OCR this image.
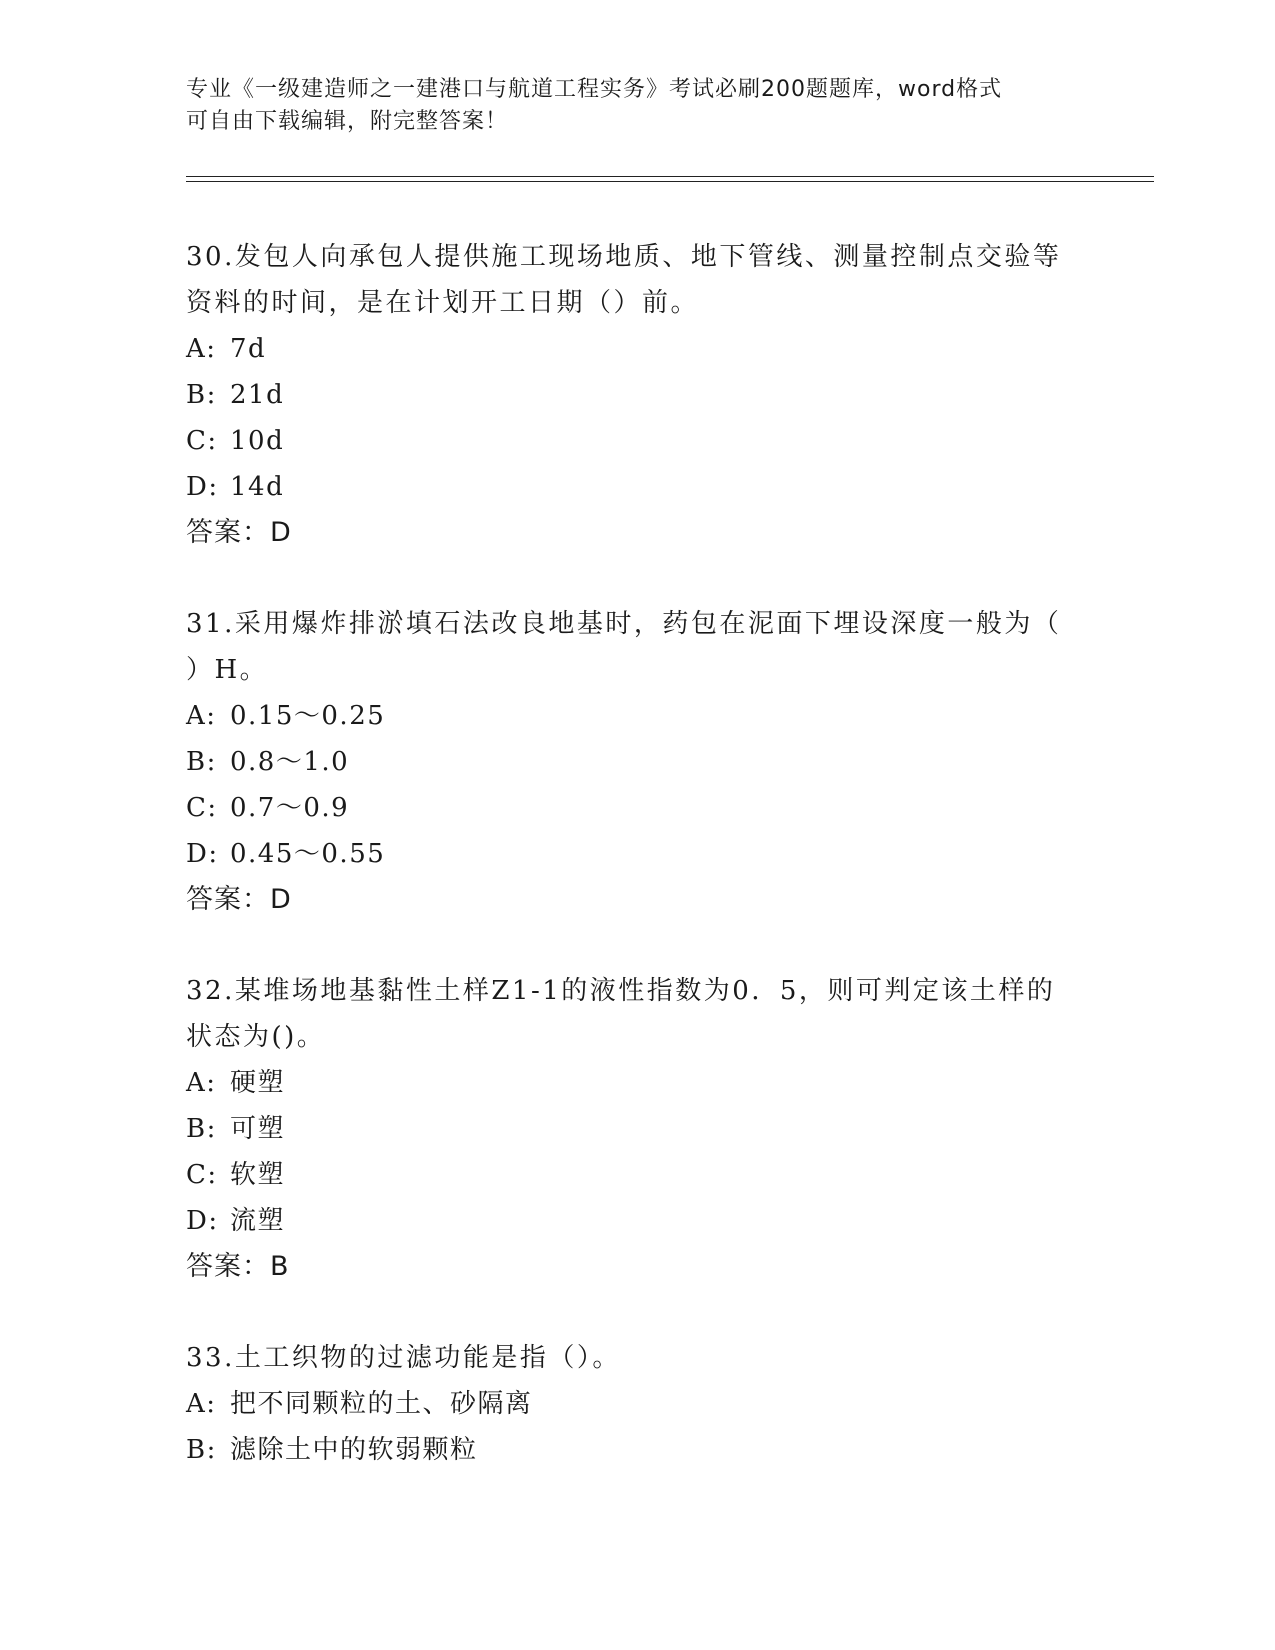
专业《一级建造师之一建港口与航道工程实务》考试必刷200题题库，word格式

可自由下载编辑，附完整答案！

30.发包人向承包人提供施工现场地质、地下管线、测量控制点交验等

资料的时间，是在计划开工日期（）前。

A: 7d

B: 21d

C: 10d

D: 14d

答案：D

31.采用爆炸排淤填石法改良地基时，药包在泥面下埋设深度一般为（

）H。

A: 0.15～0.25

B: 0.8～1.0

C: 0.7～0.9

D: 0.45～0.55

答案：D

32.某堆场地基黏性土样Z1-1的液性指数为0．5，则可判定该土样的

状态为()。

A: 硬塑

B: 可塑

C: 软塑

D: 流塑

答案：B

33.土工织物的过滤功能是指（）。

A: 把不同颗粒的土、砂隔离

B: 滤除土中的软弱颗粒
